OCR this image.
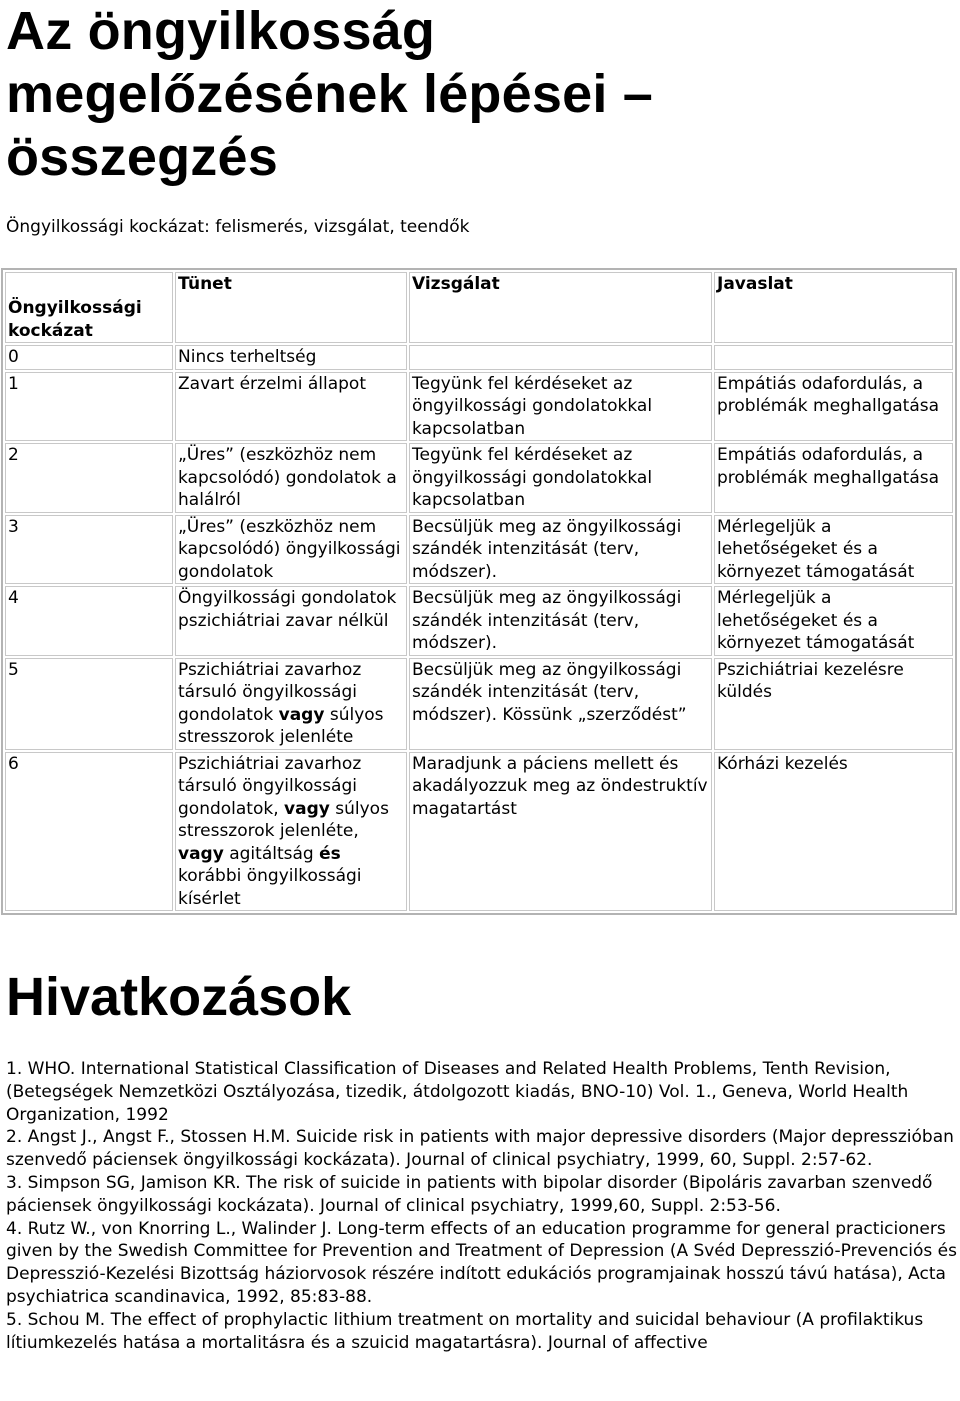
Az öngyilkosság
megelőzésének lépései –
összegzés

Öngyilkossági kockázat: felismerés, vizsgálat, teendők

Öngyilkossági kockázat	Tünet	Vizsgálat	Javaslat
0	Nincs terheltség		
1	Zavart érzelmi állapot	Tegyünk fel kérdéseket az öngyilkossági gondolatokkal kapcsolatban	Empátiás odafordulás, a problémák meghallgatása
2	„Üres” (eszközhöz nem kapcsolódó) gondolatok a halálról	Tegyünk fel kérdéseket az öngyilkossági gondolatokkal kapcsolatban	Empátiás odafordulás, a problémák meghallgatása
3	„Üres” (eszközhöz nem kapcsolódó) öngyilkossági gondolatok	Becsüljük meg az öngyilkossági szándék intenzitását (terv, módszer).	Mérlegeljük a lehetőségeket és a környezet támogatását
4	Öngyilkossági gondolatok pszichiátriai zavar nélkül	Becsüljük meg az öngyilkossági szándék intenzitását (terv, módszer).	Mérlegeljük a lehetőségeket és a környezet támogatását
5	Pszichiátriai zavarhoz társuló öngyilkossági gondolatok vagy súlyos stresszorok jelenléte	Becsüljük meg az öngyilkossági szándék intenzitását (terv, módszer). Kössünk „szerződést”	Pszichiátriai kezelésre küldés
6	Pszichiátriai zavarhoz társuló öngyilkossági gondolatok, vagy súlyos stresszorok jelenléte, vagy agitáltság és korábbi öngyilkossági kísérlet	Maradjunk a páciens mellett és akadályozzuk meg az öndestruktív magatartást	Kórházi kezelés
Hivatkozások

1. WHO. International Statistical Classification of Diseases and Related Health Problems, Tenth Revision, (Betegségek Nemzetközi Osztályozása, tizedik, átdolgozott kiadás, BNO-10) Vol. 1., Geneva, World Health Organization, 1992

2. Angst J., Angst F., Stossen H.M. Suicide risk in patients with major depressive disorders (Major depresszióban szenvedő páciensek öngyilkossági kockázata). Journal of clinical psychiatry, 1999, 60, Suppl. 2:57-62.

3. Simpson SG, Jamison KR. The risk of suicide in patients with bipolar disorder (Bipoláris zavarban szenvedő páciensek öngyilkossági kockázata). Journal of clinical psychiatry, 1999,60, Suppl. 2:53-56.

4. Rutz W., von Knorring L., Walinder J. Long-term effects of an education programme for general practicioners given by the Swedish Committee for Prevention and Treatment of Depression (A Svéd Depresszió-Prevenciós és Depresszió-Kezelési Bizottság háziorvosok részére indított edukációs programjainak hosszú távú hatása), Acta psychiatrica scandinavica, 1992, 85:83-88.

5. Schou M. The effect of prophylactic lithium treatment on mortality and suicidal behaviour (A profilaktikus lítiumkezelés hatása a mortalitásra és a szuicid magatartásra). Journal of affective
